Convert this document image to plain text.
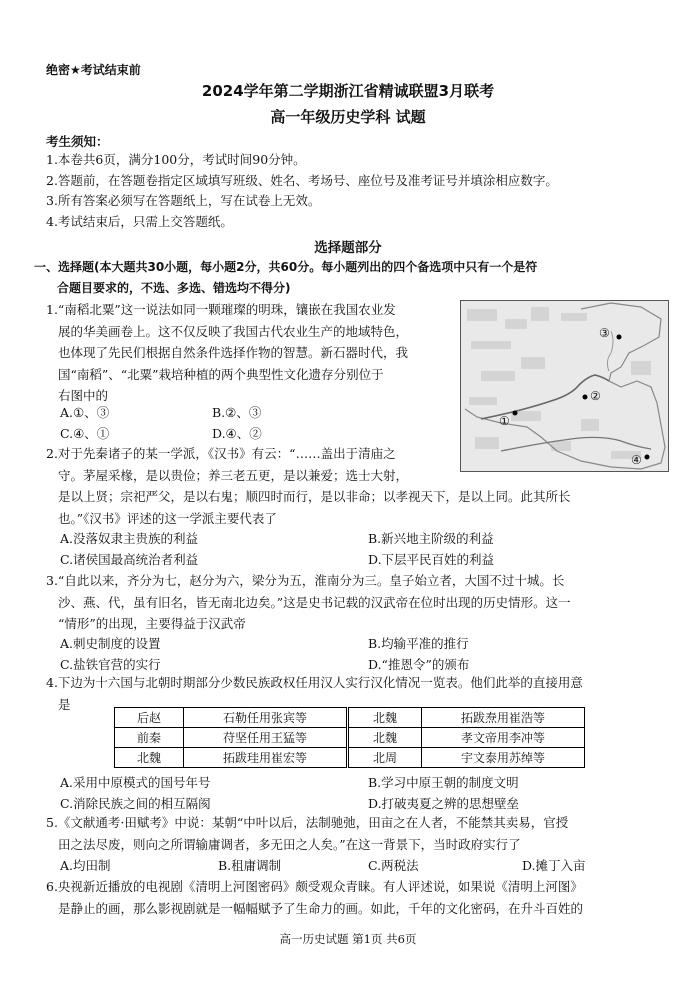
绝密★考试结束前
2024学年第二学期浙江省精诚联盟3月联考
高一年级历史学科 试题
考生须知：
1.本卷共6页，满分100分，考试时间90分钟。
2.答题前，在答题卷指定区域填写班级、姓名、考场号、座位号及准考证号并填涂相应数字。
3.所有答案必须写在答题纸上，写在试卷上无效。
4.考试结束后，只需上交答题纸。
选择题部分
一、选择题(本大题共30小题，每小题2分，共60分。每小题列出的四个备选项中只有一个是符
合题目要求的，不选、多选、错选均不得分)
1.“南稻北粟”这一说法如同一颗璀璨的明珠，镶嵌在我国农业发
展的华美画卷上。这不仅反映了我国古代农业生产的地域特色，
也体现了先民们根据自然条件选择作物的智慧。新石器时代，我
国“南稻”、“北粟”栽培种植的两个典型性文化遗存分别位于
右图中的
A.①、③	B.②、③
C.④、①	D.④、②
③
②
①
④
2.对于先秦诸子的某一学派，《汉书》有云：“……盖出于清庙之
守。茅屋采椽，是以贵俭；养三老五更，是以兼爱；选士大射，
是以上贤；宗祀严父，是以右鬼；顺四时而行，是以非命；以孝视天下，是以上同。此其所长
也。”《汉书》评述的这一学派主要代表了
A.没落奴隶主贵族的利益	B.新兴地主阶级的利益
C.诸侯国最高统治者利益	D.下层平民百姓的利益
3.“自此以来，齐分为七，赵分为六，梁分为五，淮南分为三。皇子始立者，大国不过十城。长
沙、燕、代，虽有旧名，皆无南北边矣。”这是史书记载的汉武帝在位时出现的历史情形。这一
“情形”的出现，主要得益于汉武帝
A.刺史制度的设置	B.均输平准的推行
C.盐铁官营的实行	D.“推恩令”的颁布
4.下边为十六国与北朝时期部分少数民族政权任用汉人实行汉化情况一览表。他们此举的直接用意
是
后赵	石勒任用张宾等	北魏	拓跋焘用崔浩等
前秦	苻坚任用王猛等	北魏	孝文帝用李冲等
北魏	拓跋珪用崔宏等	北周	宇文泰用苏绰等
A.采用中原模式的国号年号	B.学习中原王朝的制度文明
C.消除民族之间的相互隔阂	D.打破夷夏之辨的思想壁垒
5.《文献通考·田赋考》中说：某朝“中叶以后，法制驰弛，田亩之在人者，不能禁其卖易，官授
田之法尽废，则向之所谓输庸调者，多无田之人矣。”在这一背景下，当时政府实行了
A.均田制	B.租庸调制	C.两税法	D.摊丁入亩
6.央视新近播放的电视剧《清明上河图密码》颇受观众青睐。有人评述说，如果说《清明上河图》
是静止的画，那么影视剧就是一幅幅赋予了生命力的画。如此，千年的文化密码，在升斗百姓的
高一历史试题 第1页 共6页
